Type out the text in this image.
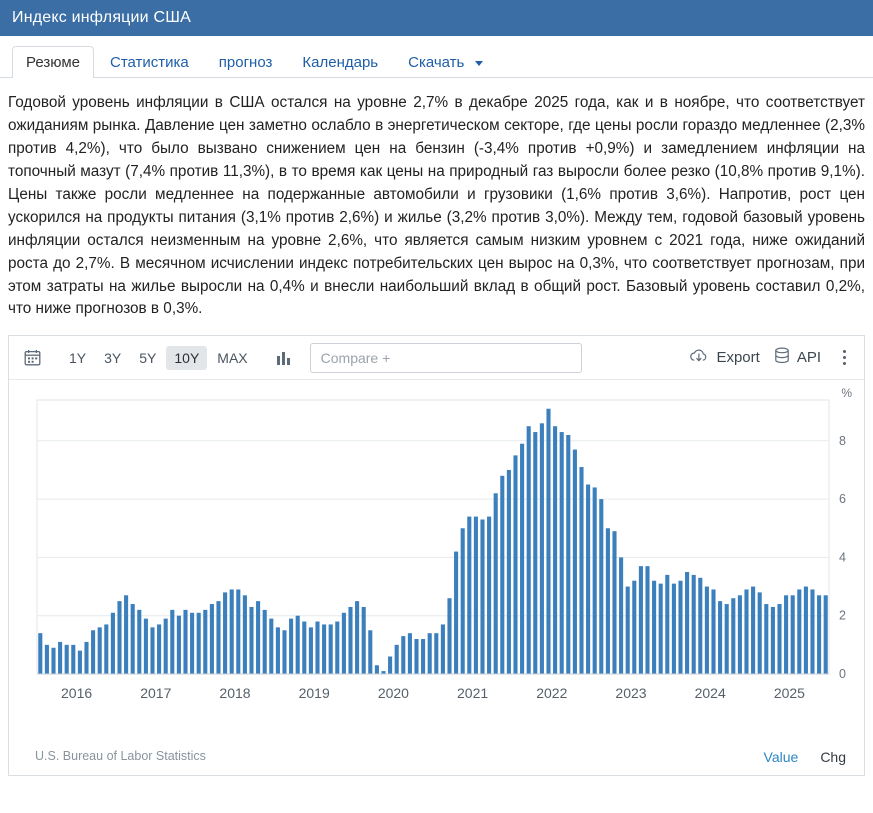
Индекс инфляции США
Резюме	Статистика	прогноз	Календарь	Скачать
Годовой уровень инфляции в США остался на уровне 2,7% в декабре 2025 года, как и в ноябре, что соответствует ожиданиям рынка. Давление цен заметно ослабло в энергетическом секторе, где цены росли гораздо медленнее (2,3% против 4,2%), что было вызвано снижением цен на бензин (-3,4% против +0,9%) и замедлением инфляции на топочный мазут (7,4% против 11,3%), в то время как цены на природный газ выросли более резко (10,8% против 9,1%). Цены также росли медленнее на подержанные автомобили и грузовики (1,6% против 3,6%). Напротив, рост цен ускорился на продукты питания (3,1% против 2,6%) и жилье (3,2% против 3,0%). Между тем, годовой базовый уровень инфляции остался неизменным на уровне 2,6%, что является самым низким уровнем с 2021 года, ниже ожиданий роста до 2,7%. В месячном исчислении индекс потребительских цен вырос на 0,3%, что соответствует прогнозам, при этом затраты на жилье выросли на 0,4% и внесли наибольший вклад в общий рост. Базовый уровень составил 0,2%, что ниже прогнозов в 0,3%.
1Y	3Y	5Y	10Y	MAX	Compare +	Export API
%
0
2
4
6
8
2016	2017	2018	2019	2020	2021	2022	2023	2024	2025
U.S. Bureau of Labor Statistics	Value Chg
